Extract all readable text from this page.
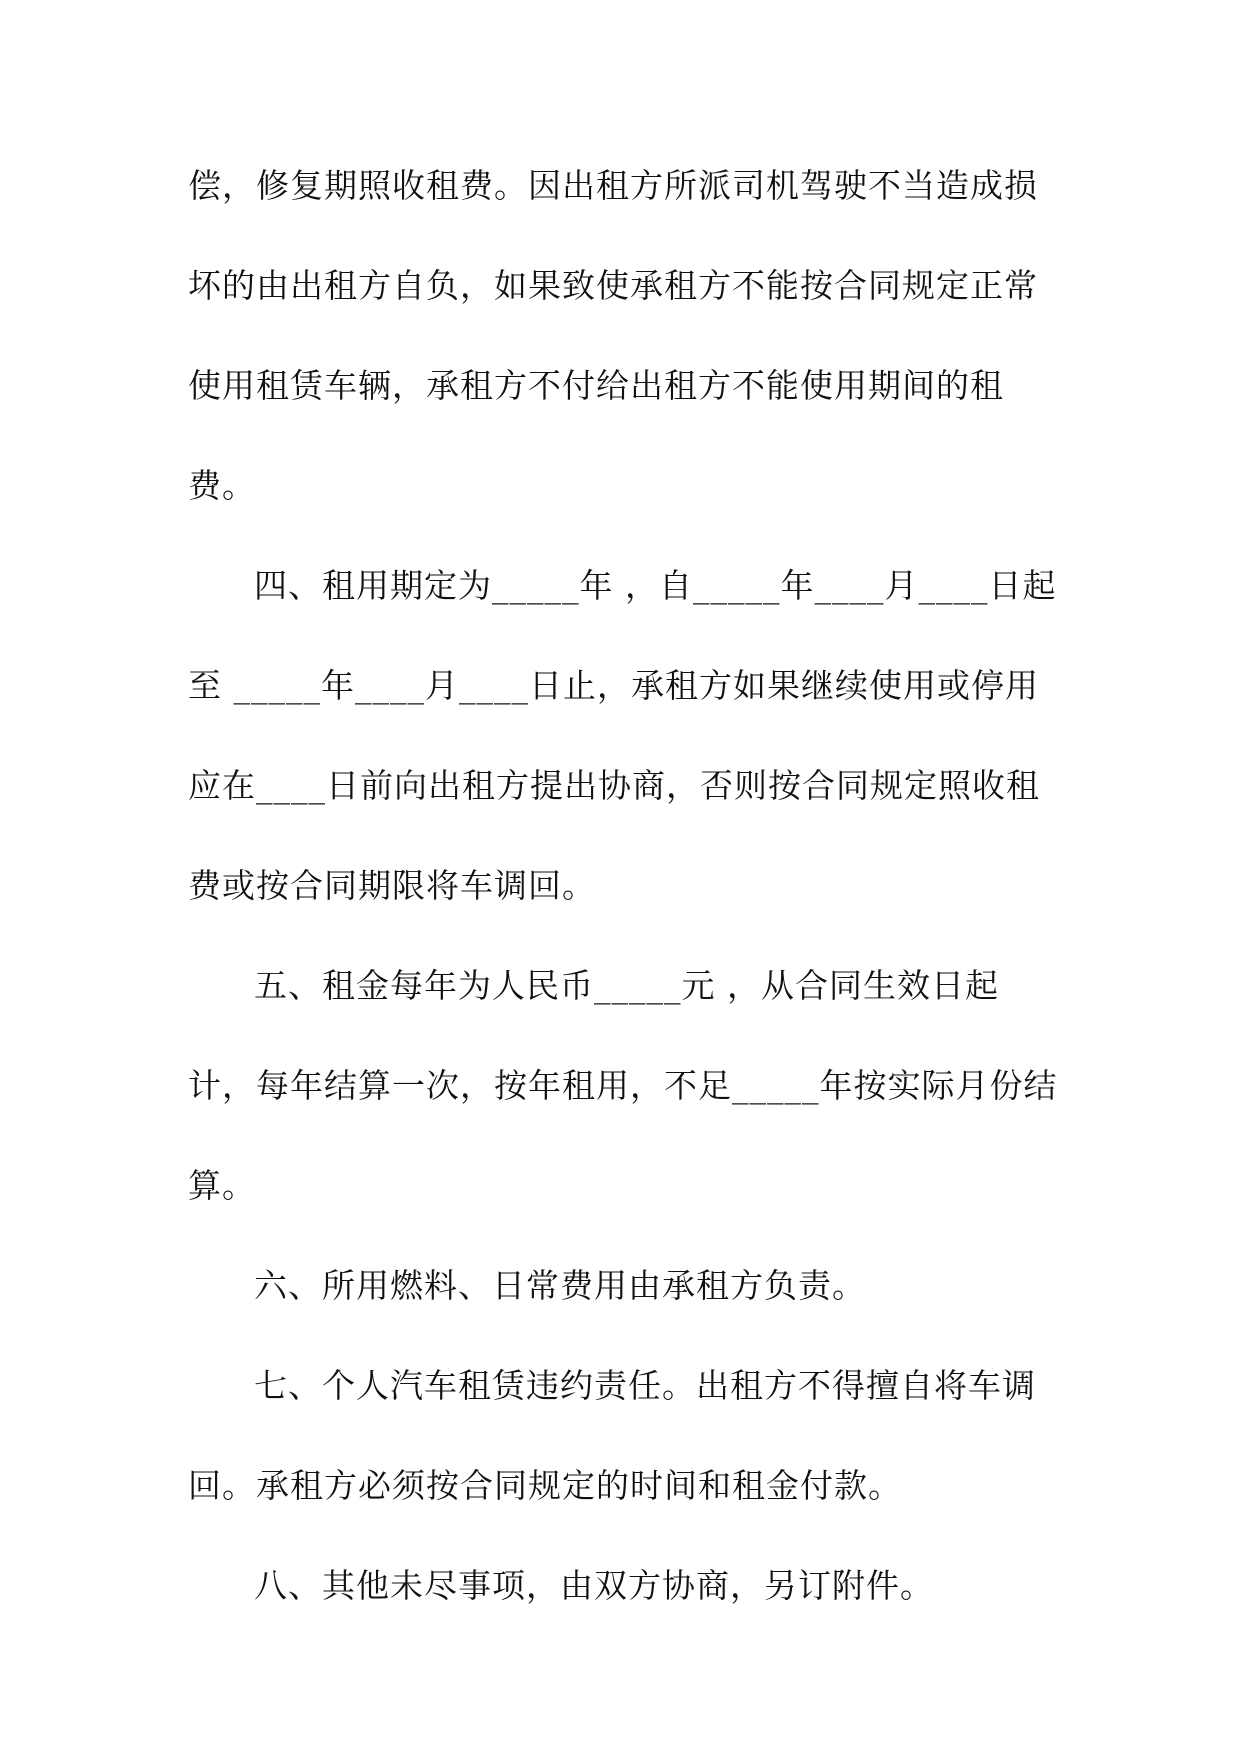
偿，修复期照收租费。因出租方所派司机驾驶不当造成损
坏的由出租方自负，如果致使承租方不能按合同规定正常
使用租赁车辆，承租方不付给出租方不能使用期间的租
费。
四、租用期定为_____年 ，自_____年____月____日起
至 _____年____月____日止，承租方如果继续使用或停用
应在____日前向出租方提出协商，否则按合同规定照收租
费或按合同期限将车调回。
五、租金每年为人民币_____元 ，从合同生效日起
计，每年结算一次，按年租用，不足_____年按实际月份结
算。
六、所用燃料、日常费用由承租方负责。
七、个人汽车租赁违约责任。出租方不得擅自将车调
回。承租方必须按合同规定的时间和租金付款。
八、其他未尽事项，由双方协商，另订附件。
